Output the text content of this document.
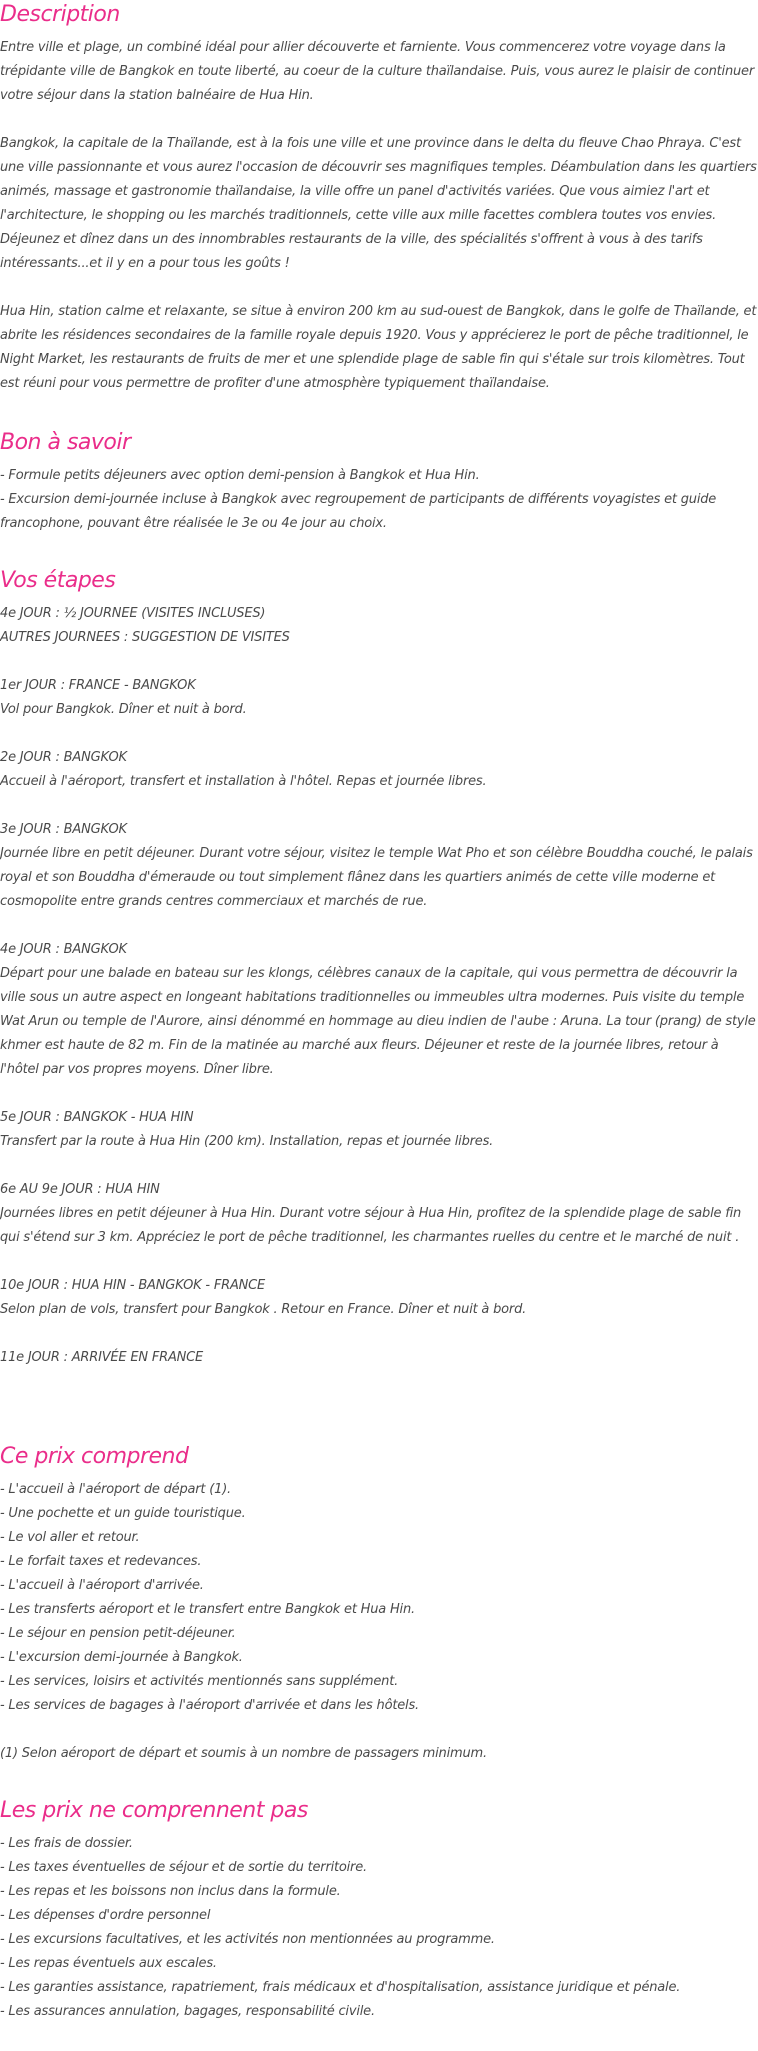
Description

Entre ville et plage, un combiné idéal pour allier découverte et farniente. Vous commencerez votre voyage dans la trépidante ville de Bangkok en toute liberté, au coeur de la culture thaïlandaise. Puis, vous aurez le plaisir de continuer votre séjour dans la station balnéaire de Hua Hin.

Bangkok, la capitale de la Thaïlande, est à la fois une ville et une province dans le delta du fleuve Chao Phraya. C'est une ville passionnante et vous aurez l'occasion de découvrir ses magnifiques temples. Déambulation dans les quartiers animés, massage et gastronomie thaïlandaise, la ville offre un panel d'activités variées. Que vous aimiez l'art et l'architecture, le shopping ou les marchés traditionnels, cette ville aux mille facettes comblera toutes vos envies. Déjeunez et dînez dans un des innombrables restaurants de la ville, des spécialités s'offrent à vous à des tarifs intéressants...et il y en a pour tous les goûts !

Hua Hin, station calme et relaxante, se situe à environ 200 km au sud-ouest de Bangkok, dans le golfe de Thaïlande, et abrite les résidences secondaires de la famille royale depuis 1920. Vous y apprécierez le port de pêche traditionnel, le Night Market, les restaurants de fruits de mer et une splendide plage de sable fin qui s'étale sur trois kilomètres. Tout est réuni pour vous permettre de profiter d'une atmosphère typiquement thaïlandaise.

Bon à savoir

- Formule petits déjeuners avec option demi-pension à Bangkok et Hua Hin.

- Excursion demi-journée incluse à Bangkok avec regroupement de participants de différents voyagistes et guide francophone, pouvant être réalisée le 3e ou 4e jour au choix.

Vos étapes

4e JOUR : ½ JOURNEE (VISITES INCLUSES)

AUTRES JOURNEES : SUGGESTION DE VISITES

1er JOUR : FRANCE - BANGKOK

Vol pour Bangkok. Dîner et nuit à bord.

2e JOUR : BANGKOK

Accueil à l'aéroport, transfert et installation à l'hôtel. Repas et journée libres.

3e JOUR : BANGKOK

Journée libre en petit déjeuner. Durant votre séjour, visitez le temple Wat Pho et son célèbre Bouddha couché, le palais royal et son Bouddha d'émeraude ou tout simplement flânez dans les quartiers animés de cette ville moderne et cosmopolite entre grands centres commerciaux et marchés de rue.

4e JOUR : BANGKOK

Départ pour une balade en bateau sur les klongs, célèbres canaux de la capitale, qui vous permettra de découvrir la ville sous un autre aspect en longeant habitations traditionnelles ou immeubles ultra modernes. Puis visite du temple Wat Arun ou temple de l'Aurore, ainsi dénommé en hommage au dieu indien de l'aube : Aruna. La tour (prang) de style khmer est haute de 82 m. Fin de la matinée au marché aux fleurs. Déjeuner et reste de la journée libres, retour à l'hôtel par vos propres moyens. Dîner libre.

5e JOUR : BANGKOK - HUA HIN

Transfert par la route à Hua Hin (200 km). Installation, repas et journée libres.

6e AU 9e JOUR : HUA HIN

Journées libres en petit déjeuner à Hua Hin. Durant votre séjour à Hua Hin, profitez de la splendide plage de sable fin qui s'étend sur 3 km. Appréciez le port de pêche traditionnel, les charmantes ruelles du centre et le marché de nuit .

10e JOUR : HUA HIN - BANGKOK - FRANCE

Selon plan de vols, transfert pour Bangkok . Retour en France. Dîner et nuit à bord.

11e JOUR : ARRIVÉE EN FRANCE

Ce prix comprend

- L'accueil à l'aéroport de départ (1).

- Une pochette et un guide touristique.

- Le vol aller et retour.

- Le forfait taxes et redevances.

- L'accueil à l'aéroport d'arrivée.

- Les transferts aéroport et le transfert entre Bangkok et Hua Hin.

- Le séjour en pension petit-déjeuner.

- L'excursion demi-journée à Bangkok.

- Les services, loisirs et activités mentionnés sans supplément.

- Les services de bagages à l'aéroport d'arrivée et dans les hôtels.

(1) Selon aéroport de départ et soumis à un nombre de passagers minimum.

Les prix ne comprennent pas

- Les frais de dossier.

- Les taxes éventuelles de séjour et de sortie du territoire.

- Les repas et les boissons non inclus dans la formule.

- Les dépenses d'ordre personnel

- Les excursions facultatives, et les activités non mentionnées au programme.

- Les repas éventuels aux escales.

- Les garanties assistance, rapatriement, frais médicaux et d'hospitalisation, assistance juridique et pénale.

- Les assurances annulation, bagages, responsabilité civile.
